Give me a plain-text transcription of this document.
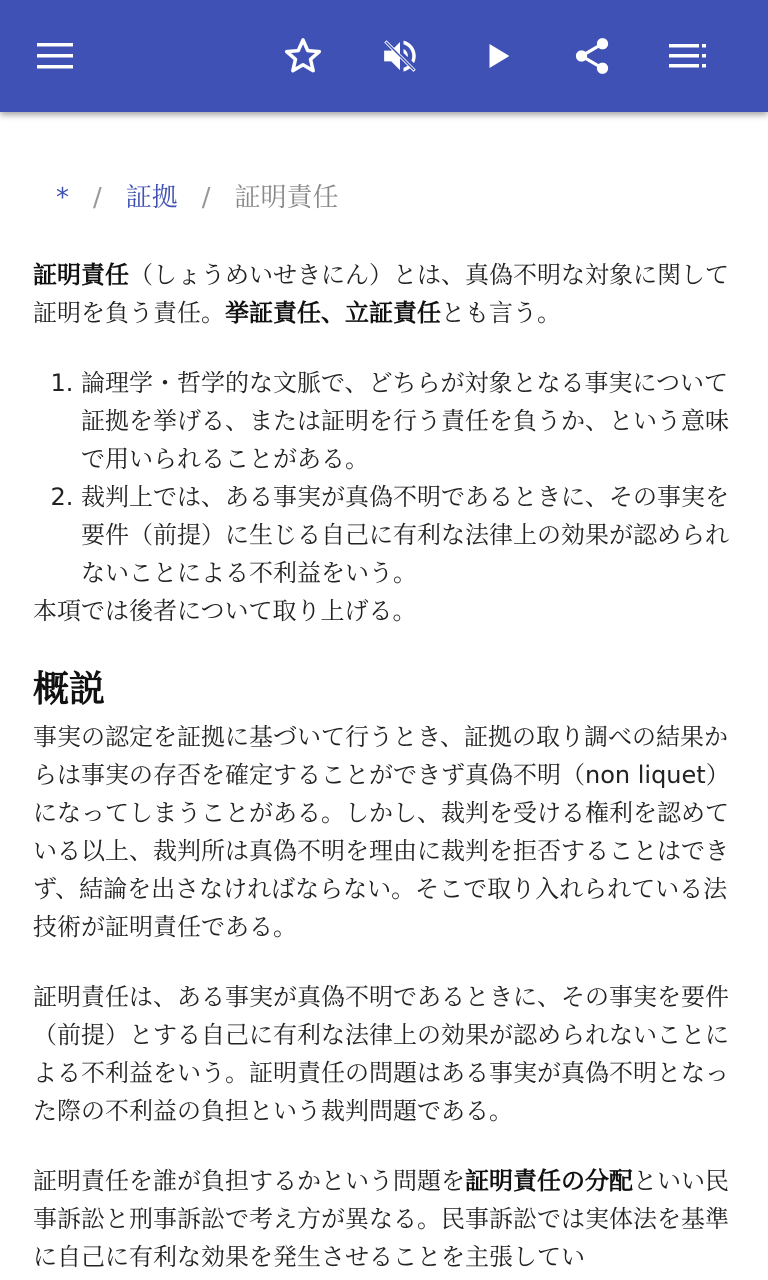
* / 証拠 / 証明責任

証明責任（しょうめいせきにん）とは、真偽不明な対象に関して証明を負う責任。挙証責任、立証責任とも言う。

1. 論理学・哲学的な文脈で、どちらが対象となる事実について証拠を挙げる、または証明を行う責任を負うか、という意味で用いられることがある。
2. 裁判上では、ある事実が真偽不明であるときに、その事実を要件（前提）に生じる自己に有利な法律上の効果が認められないことによる不利益をいう。

本項では後者について取り上げる。

概説

事実の認定を証拠に基づいて行うとき、証拠の取り調べの結果からは事実の存否を確定することができず真偽不明（non liquet）になってしまうことがある。しかし、裁判を受ける権利を認めている以上、裁判所は真偽不明を理由に裁判を拒否することはできず、結論を出さなければならない。そこで取り入れられている法技術が証明責任である。

証明責任は、ある事実が真偽不明であるときに、その事実を要件（前提）とする自己に有利な法律上の効果が認められないことによる不利益をいう。証明責任の問題はある事実が真偽不明となった際の不利益の負担という裁判問題である。

証明責任を誰が負担するかという問題を証明責任の分配といい民事訴訟と刑事訴訟で考え方が異なる。民事訴訟では実体法を基準に自己に有利な効果を発生させることを主張してい
